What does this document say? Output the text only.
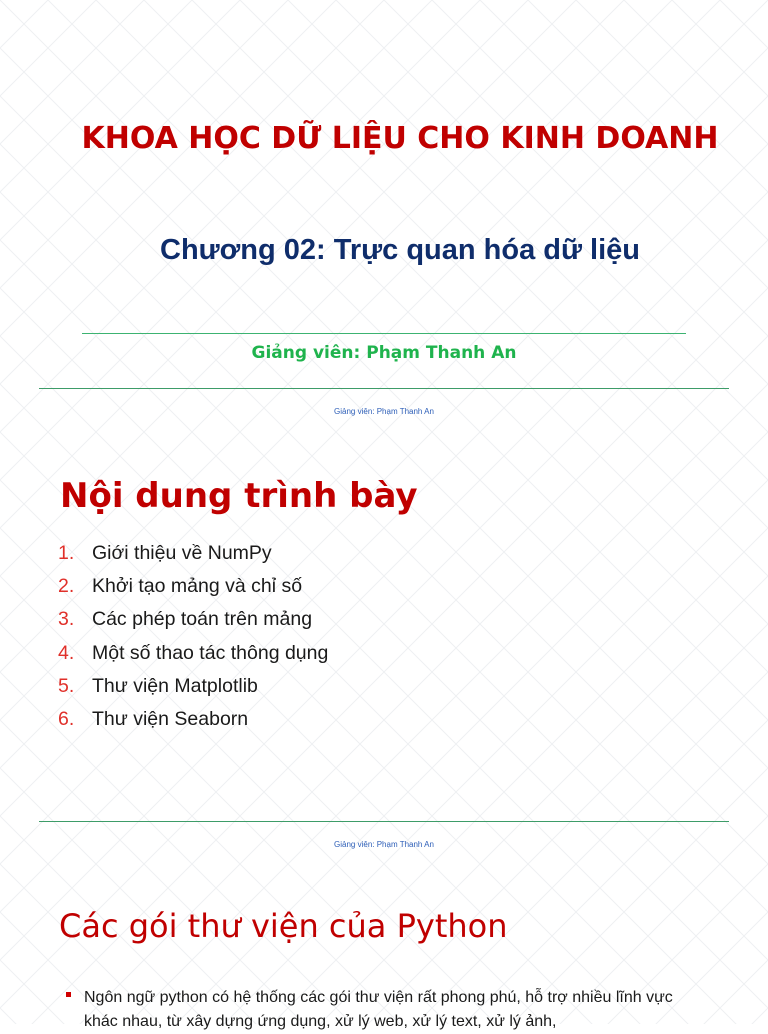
KHOA HỌC DỮ LIỆU CHO KINH DOANH
Chương 02: Trực quan hóa dữ liệu

Giảng viên: Phạm Thanh An

Giảng viên: Phạm Thanh An

Nội dung trình bày
1. Giới thiệu về NumPy
2. Khởi tạo mảng và chỉ số
3. Các phép toán trên mảng
4. Một số thao tác thông dụng
5. Thư viện Matplotlib
6. Thư viện Seaborn

Giảng viên: Phạm Thanh An

Các gói thư viện của Python
Ngôn ngữ python có hệ thống các gói thư viện rất phong phú, hỗ trợ nhiều lĩnh vực khác nhau, từ xây dựng ứng dụng, xử lý web, xử lý text, xử lý ảnh,
